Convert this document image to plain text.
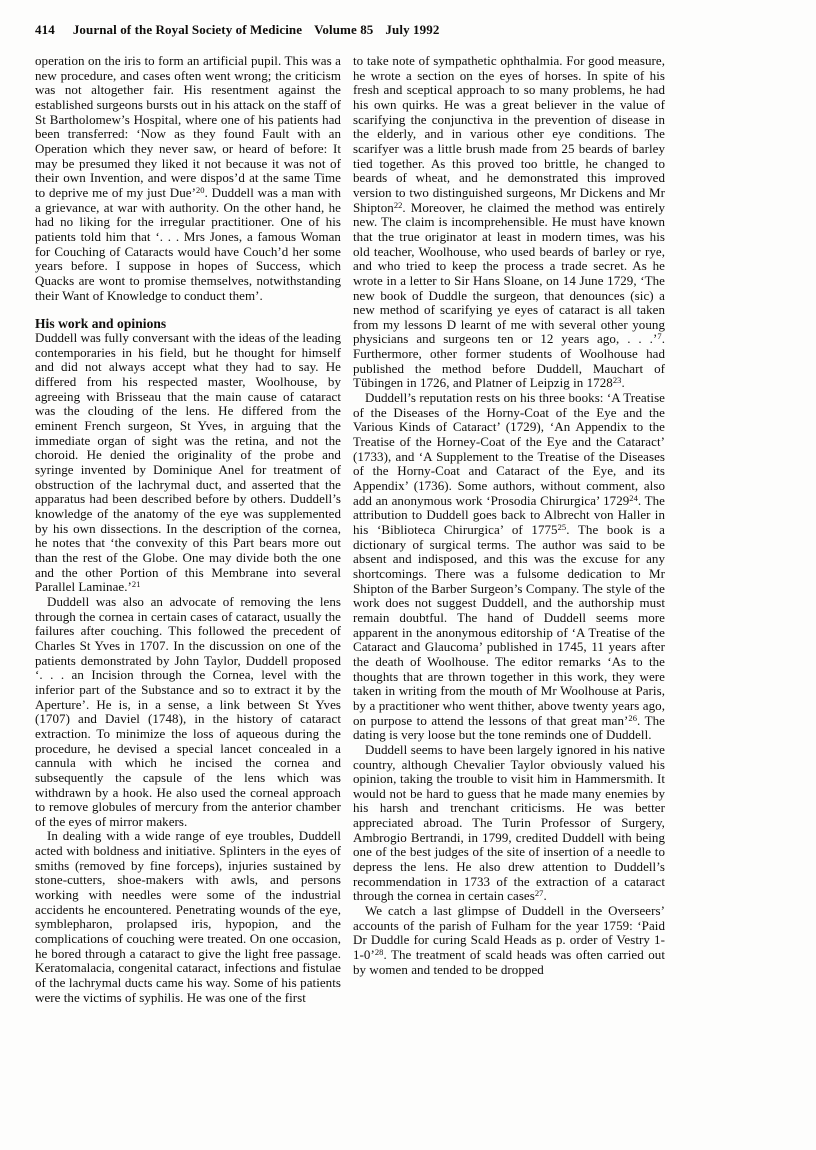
414 Journal of the Royal Society of Medicine Volume 85 July 1992

operation on the iris to form an artificial pupil. This was a new procedure, and cases often went wrong; the criticism was not altogether fair. His resentment against the established surgeons bursts out in his attack on the staff of St Bartholomew’s Hospital, where one of his patients had been transferred: ‘Now as they found Fault with an Operation which they never saw, or heard of before: It may be presumed they liked it not because it was not of their own Invention, and were dispos’d at the same Time to deprive me of my just Due’$^{20}$. Duddell was a man with a grievance, at war with authority. On the other hand, he had no liking for the irregular practitioner. One of his patients told him that ‘. . . Mrs Jones, a famous Woman for Couching of Cataracts would have Couch’d her some years before. I suppose in hopes of Success, which Quacks are wont to promise themselves, notwithstanding their Want of Knowledge to conduct them’.

His work and opinions

Duddell was fully conversant with the ideas of the leading contemporaries in his field, but he thought for himself and did not always accept what they had to say. He differed from his respected master, Woolhouse, by agreeing with Brisseau that the main cause of cataract was the clouding of the lens. He differed from the eminent French surgeon, St Yves, in arguing that the immediate organ of sight was the retina, and not the choroid. He denied the originality of the probe and syringe invented by Dominique Anel for treatment of obstruction of the lachrymal duct, and asserted that the apparatus had been described before by others. Duddell’s knowledge of the anatomy of the eye was supplemented by his own dissections. In the description of the cornea, he notes that ‘the convexity of this Part bears more out than the rest of the Globe. One may divide both the one and the other Portion of this Membrane into several Parallel Laminae.’$^{21}$

Duddell was also an advocate of removing the lens through the cornea in certain cases of cataract, usually the failures after couching. This followed the precedent of Charles St Yves in 1707. In the discussion on one of the patients demonstrated by John Taylor, Duddell proposed ‘. . . an Incision through the Cornea, level with the inferior part of the Substance and so to extract it by the Aperture’. He is, in a sense, a link between St Yves (1707) and Daviel (1748), in the history of cataract extraction. To minimize the loss of aqueous during the procedure, he devised a special lancet concealed in a cannula with which he incised the cornea and subsequently the capsule of the lens which was withdrawn by a hook. He also used the corneal approach to remove globules of mercury from the anterior chamber of the eyes of mirror makers.

In dealing with a wide range of eye troubles, Duddell acted with boldness and initiative. Splinters in the eyes of smiths (removed by fine forceps), injuries sustained by stone-cutters, shoe-makers with awls, and persons working with needles were some of the industrial accidents he encountered. Penetrating wounds of the eye, symblepharon, prolapsed iris, hypopion, and the complications of couching were treated. On one occasion, he bored through a cataract to give the light free passage. Keratomalacia, congenital cataract, infections and fistulae of the lachrymal ducts came his way. Some of his patients were the victims of syphilis. He was one of the first

to take note of sympathetic ophthalmia. For good measure, he wrote a section on the eyes of horses. In spite of his fresh and sceptical approach to so many problems, he had his own quirks. He was a great believer in the value of scarifying the conjunctiva in the prevention of disease in the elderly, and in various other eye conditions. The scarifyer was a little brush made from 25 beards of barley tied together. As this proved too brittle, he changed to beards of wheat, and he demonstrated this improved version to two distinguished surgeons, Mr Dickens and Mr Shipton$^{22}$. Moreover, he claimed the method was entirely new. The claim is incomprehensible. He must have known that the true originator at least in modern times, was his old teacher, Woolhouse, who used beards of barley or rye, and who tried to keep the process a trade secret. As he wrote in a letter to Sir Hans Sloane, on 14 June 1729, ‘The new book of Duddle the surgeon, that denounces (sic) a new method of scarifying ye eyes of cataract is all taken from my lessons D learnt of me with several other young physicians and surgeons ten or 12 years ago, . . .’$^7$. Furthermore, other former students of Woolhouse had published the method before Duddell, Mauchart of Tübingen in 1726, and Platner of Leipzig in 1728$^{23}$.

Duddell’s reputation rests on his three books: ‘A Treatise of the Diseases of the Horny-Coat of the Eye and the Various Kinds of Cataract’ (1729), ‘An Appendix to the Treatise of the Horney-Coat of the Eye and the Cataract’ (1733), and ‘A Supplement to the Treatise of the Diseases of the Horny-Coat and Cataract of the Eye, and its Appendix’ (1736). Some authors, without comment, also add an anonymous work ‘Prosodia Chirurgica’ 1729$^{24}$. The attribution to Duddell goes back to Albrecht von Haller in his ‘Biblioteca Chirurgica’ of 1775$^{25}$. The book is a dictionary of surgical terms. The author was said to be absent and indisposed, and this was the excuse for any shortcomings. There was a fulsome dedication to Mr Shipton of the Barber Surgeon’s Company. The style of the work does not suggest Duddell, and the authorship must remain doubtful. The hand of Duddell seems more apparent in the anonymous editorship of ‘A Treatise of the Cataract and Glaucoma’ published in 1745, 11 years after the death of Woolhouse. The editor remarks ‘As to the thoughts that are thrown together in this work, they were taken in writing from the mouth of Mr Woolhouse at Paris, by a practitioner who went thither, above twenty years ago, on purpose to attend the lessons of that great man’$^{26}$. The dating is very loose but the tone reminds one of Duddell.

Duddell seems to have been largely ignored in his native country, although Chevalier Taylor obviously valued his opinion, taking the trouble to visit him in Hammersmith. It would not be hard to guess that he made many enemies by his harsh and trenchant criticisms. He was better appreciated abroad. The Turin Professor of Surgery, Ambrogio Bertrandi, in 1799, credited Duddell with being one of the best judges of the site of insertion of a needle to depress the lens. He also drew attention to Duddell’s recommendation in 1733 of the extraction of a cataract through the cornea in certain cases$^{27}$.

We catch a last glimpse of Duddell in the Overseers’ accounts of the parish of Fulham for the year 1759: ‘Paid Dr Duddle for curing Scald Heads as p. order of Vestry 1-1-0’$^{28}$. The treatment of scald heads was often carried out by women and tended to be dropped
